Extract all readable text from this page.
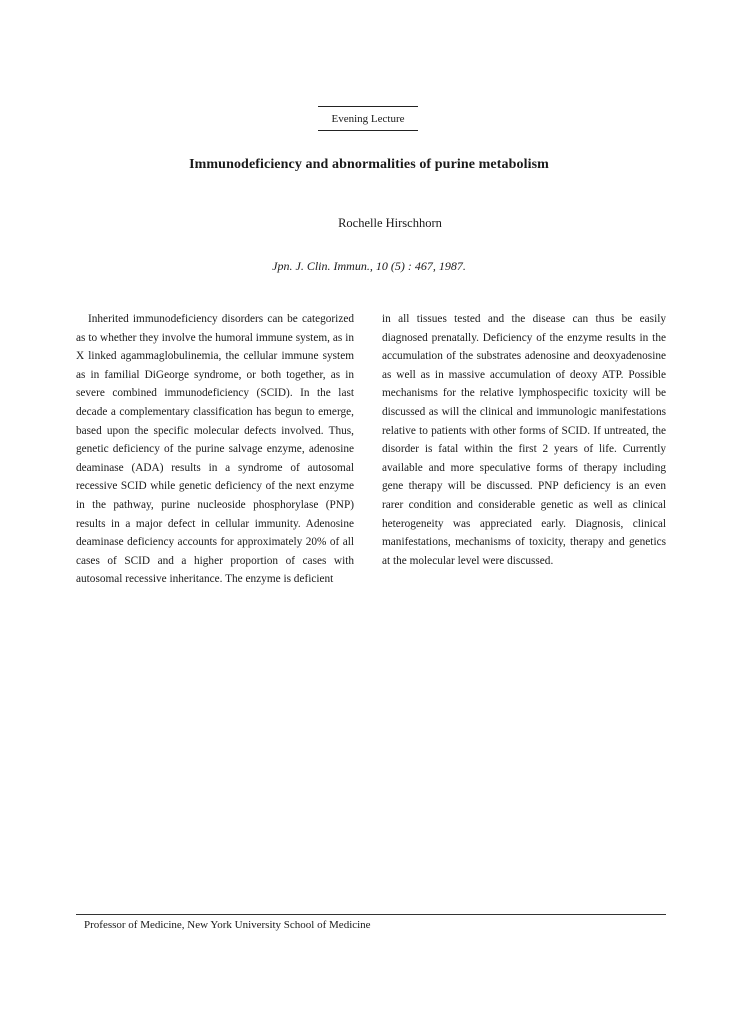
Evening Lecture
Immunodeficiency and abnormalities of purine metabolism
Rochelle Hirschhorn
Jpn. J. Clin. Immun., 10 (5) : 467, 1987.

Inherited immunodeficiency disorders can be categorized as to whether they involve the humoral immune system, as in X linked agammaglobulinemia, the cellular immune system as in familial DiGeorge syndrome, or both together, as in severe combined immunodeficiency (SCID). In the last decade a complementary classification has begun to emerge, based upon the specific molecular defects involved. Thus, genetic deficiency of the purine salvage enzyme, adenosine deaminase (ADA) results in a syndrome of autosomal recessive SCID while genetic deficiency of the next enzyme in the pathway, purine nucleoside phosphorylase (PNP) results in a major defect in cellular immunity. Adenosine deaminase deficiency accounts for approximately 20% of all cases of SCID and a higher proportion of cases with autosomal recessive inheritance. The enzyme is deficient

in all tissues tested and the disease can thus be easily diagnosed prenatally. Deficiency of the enzyme results in the accumulation of the substrates adenosine and deoxyadenosine as well as in massive accumulation of deoxy ATP. Possible mechanisms for the relative lymphospecific toxicity will be discussed as will the clinical and immunologic manifestations relative to patients with other forms of SCID. If untreated, the disorder is fatal within the first 2 years of life. Currently available and more speculative forms of therapy including gene therapy will be discussed. PNP deficiency is an even rarer condition and considerable genetic as well as clinical heterogeneity was appreciated early. Diagnosis, clinical manifestations, mechanisms of toxicity, therapy and genetics at the molecular level were discussed.

Professor of Medicine, New York University School of Medicine
